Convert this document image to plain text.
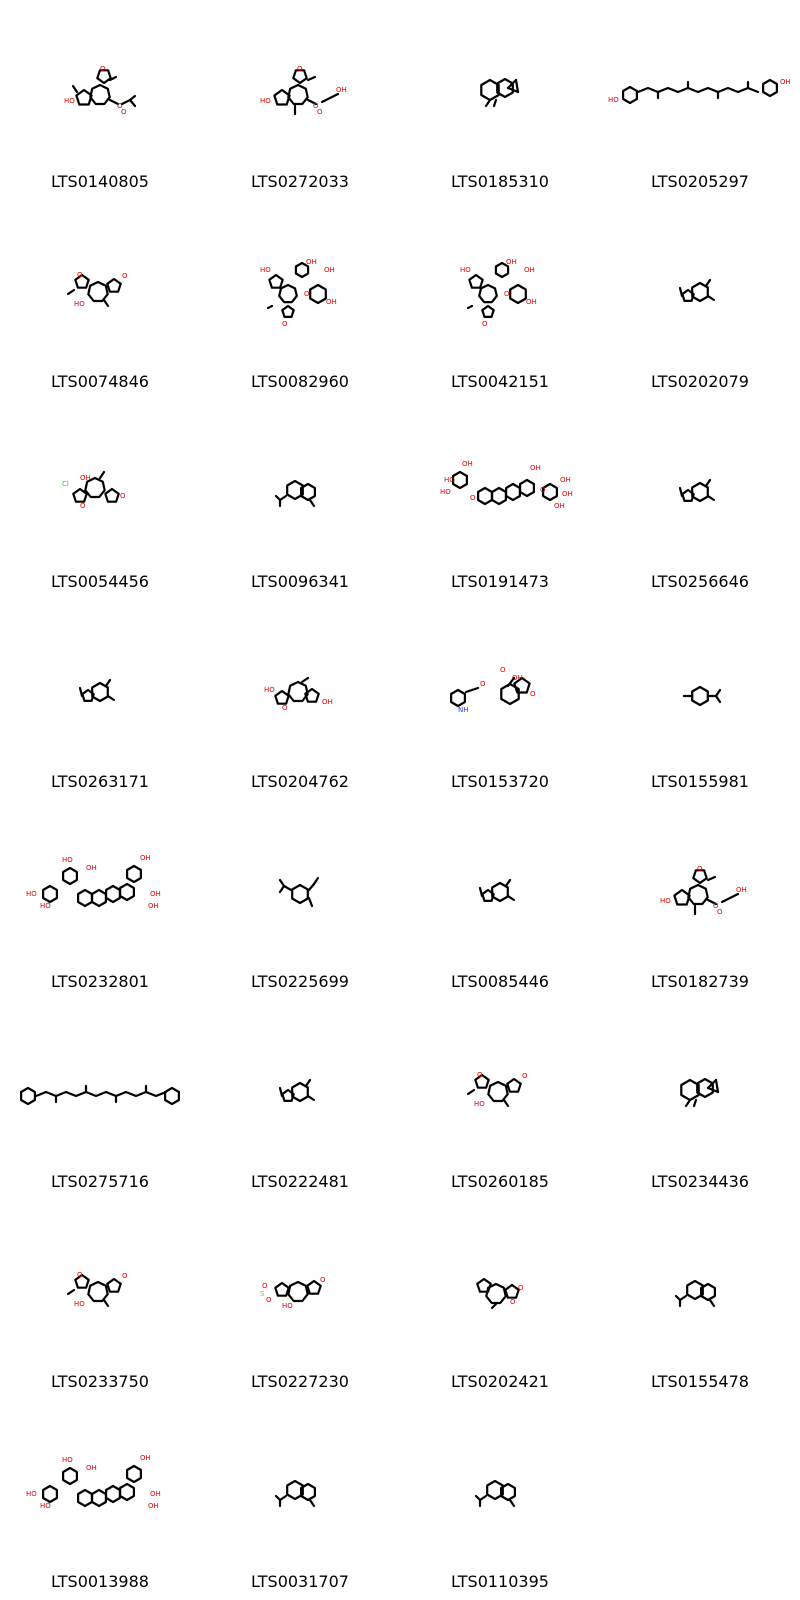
O
HO
O
O
LTS0140805
O
HO
O
OH
O
LTS0272033	LTS0185310
HO
OH
LTS0205297
O	O
HO
LTS0074846
HO
OH
OH
OH
O
O
LTS0082960
HO
OH
OH
OH
O
O
LTS0042151	LTS0202079
Cl
OH
O
O
LTS0054456	LTS0096341
HO
HO
OH
OH
OH
OH
OH
O
O
LTS0191473	LTS0256646
LTS0263171
HO
OH
O
LTS0204762
NH
O
OH
O
O
LTS0153720	LTS0155981
HO
HO
HO
OH
OH
OH
OH
LTS0232801	LTS0225699	LTS0085446
O
HO
O
OH
O
LTS0182739
LTS0275716	LTS0222481
O	O
HO
LTS0260185	LTS0234436
O	O
HO
LTS0233750
S
O
O
O
HO
LTS0227230
O
O
LTS0202421	LTS0155478
HO
HO
HO
OH
OH
OH
OH
LTS0013988	LTS0031707	LTS0110395
